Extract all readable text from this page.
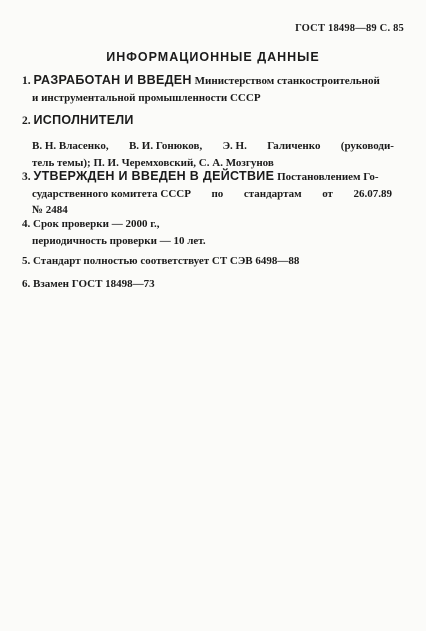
ГОСТ 18498—89 С. 85
ИНФОРМАЦИОННЫЕ ДАННЫЕ
1. РАЗРАБОТАН И ВВЕДЕН Министерством станкостроительной
и инструментальной промышленности СССР
2. ИСПОЛНИТЕЛИ
В. Н. Власенко, В. И. Гонюков, Э. Н. Галиченко (руководи-
тель темы); П. И. Черемховский, С. А. Мозгунов
3. УТВЕРЖДЕН И ВВЕДЕН В ДЕЙСТВИЕ Постановлением Го-
сударственного комитета СССР по стандартам от 26.07.89
№ 2484
4. Срок проверки — 2000 г.,
периодичность проверки — 10 лет.
5. Стандарт полностью соответствует СТ СЭВ 6498—88
6. Взамен ГОСТ 18498—73
